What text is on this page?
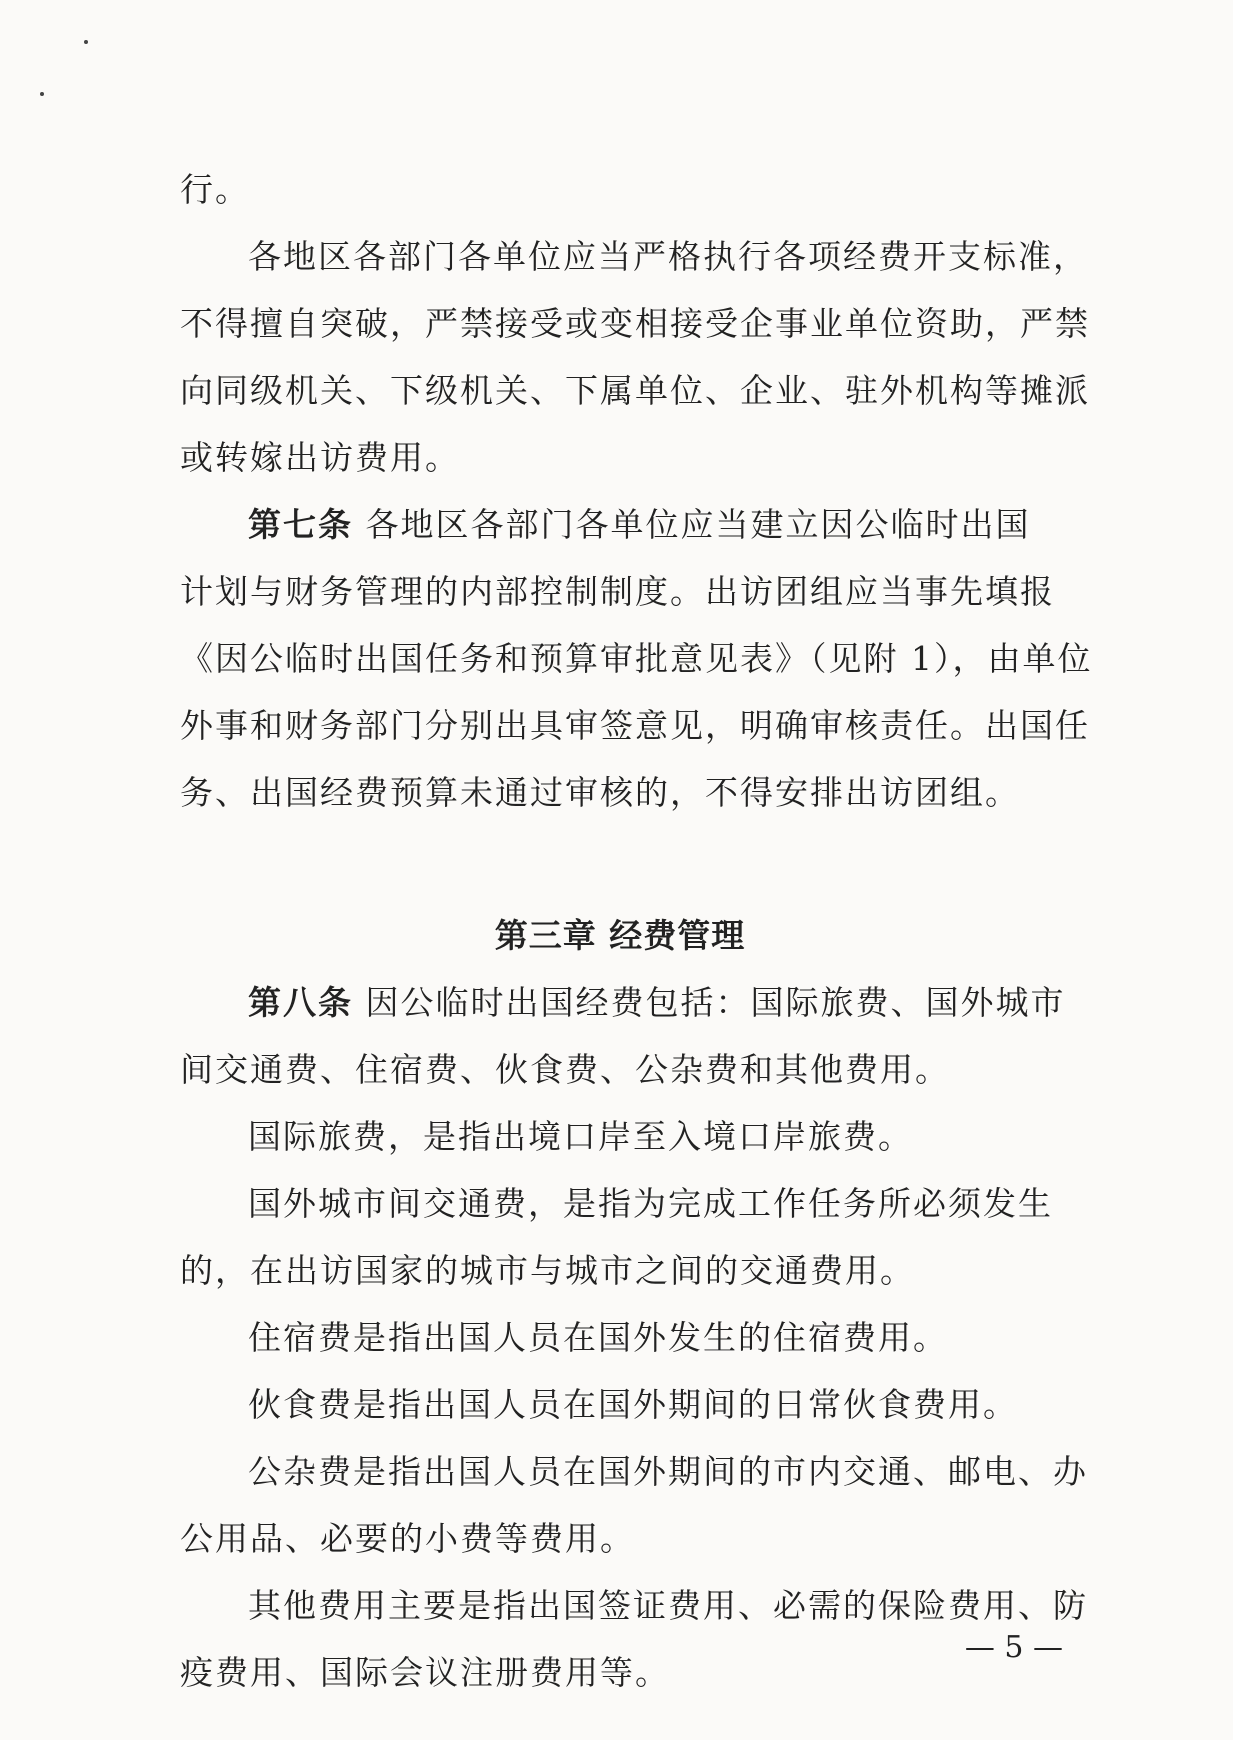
行。

各地区各部门各单位应当严格执行各项经费开支标准，

不得擅自突破，严禁接受或变相接受企事业单位资助，严禁

向同级机关、下级机关、下属单位、企业、驻外机构等摊派

或转嫁出访费用。

第七条 各地区各部门各单位应当建立因公临时出国

计划与财务管理的内部控制制度。出访团组应当事先填报

《因公临时出国任务和预算审批意见表》（见附 1），由单位

外事和财务部门分别出具审签意见，明确审核责任。出国任

务、出国经费预算未通过审核的，不得安排出访团组。

第三章 经费管理

第八条 因公临时出国经费包括：国际旅费、国外城市

间交通费、住宿费、伙食费、公杂费和其他费用。

国际旅费，是指出境口岸至入境口岸旅费。

国外城市间交通费，是指为完成工作任务所必须发生

的，在出访国家的城市与城市之间的交通费用。

住宿费是指出国人员在国外发生的住宿费用。

伙食费是指出国人员在国外期间的日常伙食费用。

公杂费是指出国人员在国外期间的市内交通、邮电、办

公用品、必要的小费等费用。

其他费用主要是指出国签证费用、必需的保险费用、防

疫费用、国际会议注册费用等。

— 5 —
